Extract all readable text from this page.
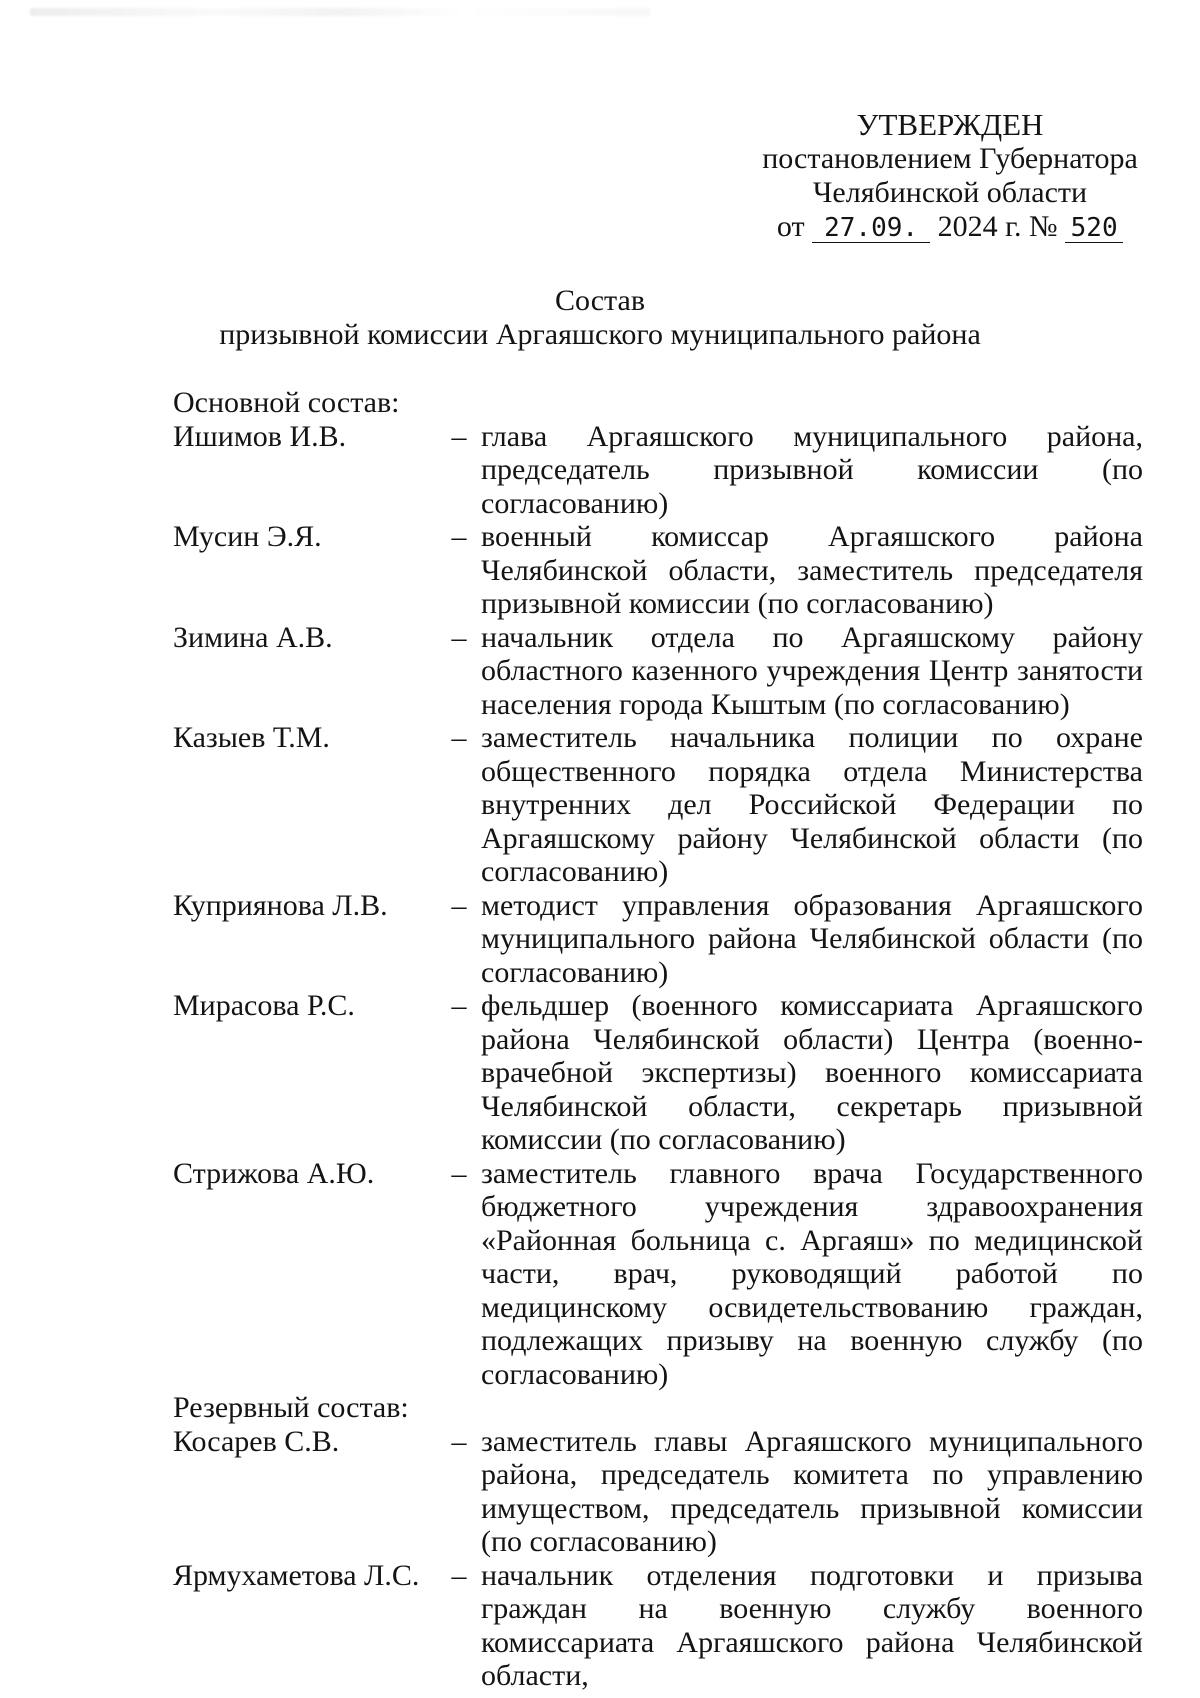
УТВЕРЖДЕН
постановлением Губернатора
Челябинской области
от 27.09. 2024 г. № 520
Состав
призывной комиссии Аргаяшского муниципального района
Основной состав:
Ишимов И.В.	– глава Аргаяшского муниципального района, председатель призывной комиссии (по согласованию)
Мусин Э.Я.	– военный комиссар Аргаяшского района Челябинской области, заместитель председателя призывной комиссии (по согласованию)
Зимина А.В.	– начальник отдела по Аргаяшскому району областного казенного учреждения Центр занятости населения города Кыштым (по согласованию)
Казыев Т.М.	– заместитель начальника полиции по охране общественного порядка отдела Министерства внутренних дел Российской Федерации по Аргаяшскому району Челябинской области (по согласованию)
Куприянова Л.В.	– методист управления образования Аргаяшского муниципального района Челябинской области (по согласованию)
Мирасова Р.С.	– фельдшер (военного комиссариата Аргаяшского района Челябинской области) Центра (военно-врачебной экспертизы) военного комиссариата Челябинской области, секретарь призывной комиссии (по согласованию)
Стрижова А.Ю.	– заместитель главного врача Государственного бюджетного учреждения здравоохранения «Районная больница с. Аргаяш» по медицинской части, врач, руководящий работой по медицинскому освидетельствованию граждан, подлежащих призыву на военную службу (по согласованию)
Резервный состав:
Косарев С.В.	– заместитель главы Аргаяшского муниципального района, председатель комитета по управлению имуществом, председатель призывной комиссии (по согласованию)
Ярмухаметова Л.С.	– начальник отделения подготовки и призыва граждан на военную службу военного комиссариата Аргаяшского района Челябинской области,
